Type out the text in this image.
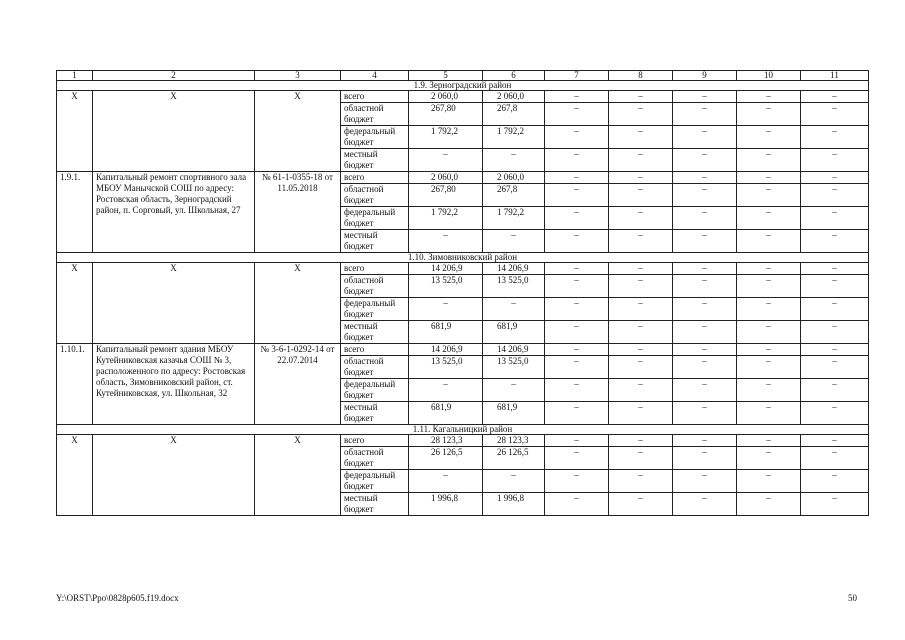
1	2	3	4	5	6	7	8	9	10	11
1.9. Зерноградский район										
Х	Х	Х	всего	2 060,0	2 060,0	–	–	–	–	–
			областной бюджет	267,80	267,8	–	–	–	–	–
			федеральный бюджет	1 792,2	1 792,2	–	–	–	–	–
			местный бюджет	–	–	–	–	–	–	–
1.9.1.	Капитальный ремонт спортивного зала МБОУ Манычской СОШ по адресу: Ростовская область, Зерноградский район, п. Сорговый, ул. Школьная, 27	№ 61-1-0355-18 от 11.05.2018	всего	2 060,0	2 060,0	–	–	–	–	–
			областной бюджет	267,80	267,8	–	–	–	–	–
			федеральный бюджет	1 792,2	1 792,2	–	–	–	–	–
			местный бюджет	–	–	–	–	–	–	–
1.10. Зимовниковский район										
Х	Х	Х	всего	14 206,9	14 206,9	–	–	–	–	–
			областной бюджет	13 525,0	13 525,0	–	–	–	–	–
			федеральный бюджет	–	–	–	–	–	–	–
			местный бюджет	681,9	681,9	–	–	–	–	–
1.10.1.	Капитальный ремонт здания МБОУ Кутейниковская казачья СОШ № 3, расположенного по адресу: Ростовская область, Зимовниковский район, ст. Кутейниковская, ул. Школьная, 32	№ 3-6-1-0292-14 от 22.07.2014	всего	14 206,9	14 206,9	–	–	–	–	–
			областной бюджет	13 525,0	13 525,0	–	–	–	–	–
			федеральный бюджет	–	–	–	–	–	–	–
			местный бюджет	681,9	681,9	–	–	–	–	–
1.11. Кагальницкий район										
Х	Х	Х	всего	28 123,3	28 123,3	–	–	–	–	–
			областной бюджет	26 126,5	26 126,5	–	–	–	–	–
			федеральный бюджет	–	–	–	–	–	–	–
			местный бюджет	1 996,8	1 996,8	–	–	–	–	–
Y:\ORST\Ppo\0828p605.f19.docx	50
